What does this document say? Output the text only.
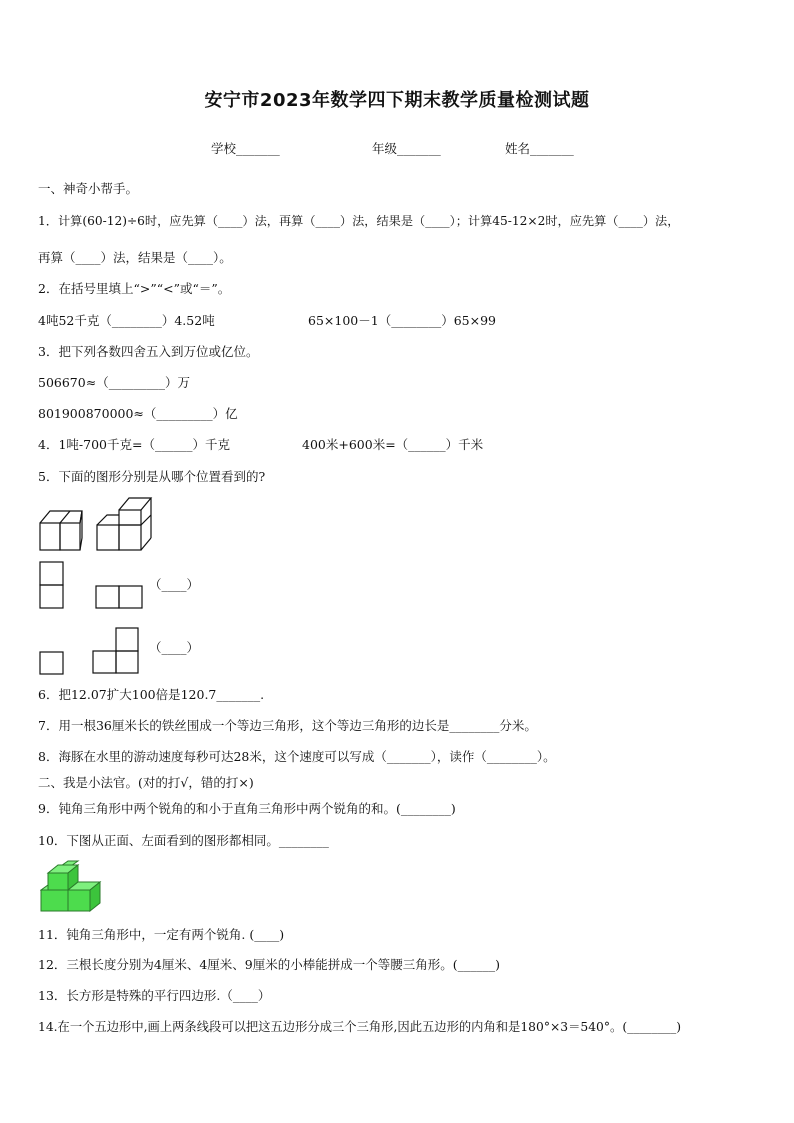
安宁市2023年数学四下期末教学质量检测试题
学校_______	年级_______	姓名_______
一、神奇小帮手。
1．计算(60-12)÷6时，应先算（____）法，再算（____）法，结果是（____）；计算45-12×2时，应先算（____）法，
再算（____）法，结果是（____）。
2．在括号里填上“>”“<”或“＝”。
4吨52千克（________）4.52吨	65×100－1（________）65×99
3．把下列各数四舍五入到万位或亿位。
506670≈（_________）万
801900870000≈（_________）亿
4．1吨-700千克=（______）千克	400米+600米=（______）千米
5．下面的图形分别是从哪个位置看到的?
（____）
（____）
6．把12.07扩大100倍是120.7_______.
7．用一根36厘米长的铁丝围成一个等边三角形，这个等边三角形的边长是________分米。
8．海豚在水里的游动速度每秒可达28米，这个速度可以写成（_______），读作（________）。
二、我是小法官。(对的打√，错的打×)
9．钝角三角形中两个锐角的和小于直角三角形中两个锐角的和。(________)
10．下图从正面、左面看到的图形都相同。________
11．钝角三角形中，一定有两个锐角. (____)
12．三根长度分别为4厘米、4厘米、9厘米的小棒能拼成一个等腰三角形。(______)
13．长方形是特殊的平行四边形.（____）
14.在一个五边形中,画上两条线段可以把这五边形分成三个三角形,因此五边形的内角和是180°×3＝540°。(________)
